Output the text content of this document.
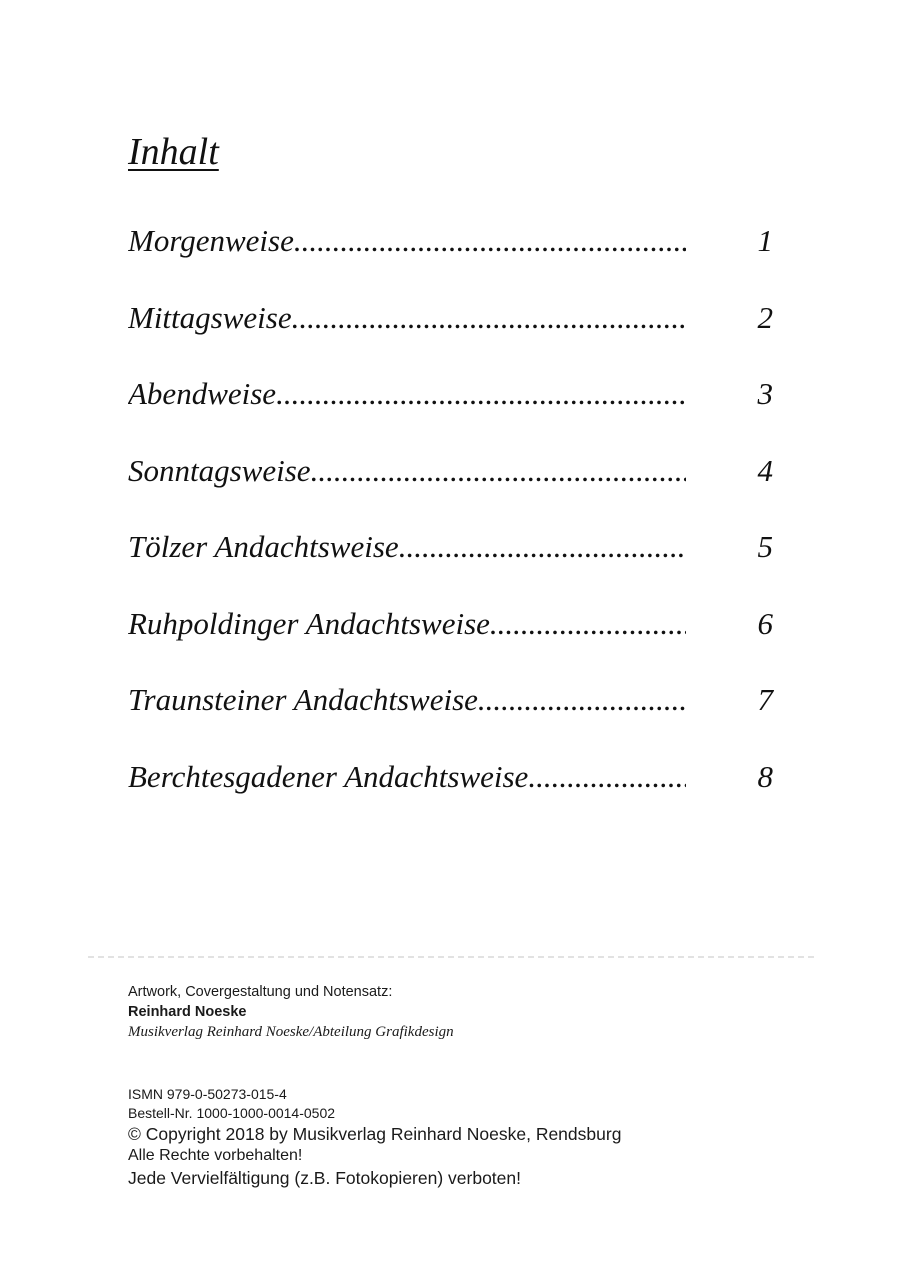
Inhalt
Morgenweise .....	1
Mittagsweise .....	2
Abendweise .....	3
Sonntagsweise .....	4
Tölzer Andachtsweise .....	5
Ruhpoldinger Andachtsweise .....	6
Traunsteiner Andachtsweise .....	7
Berchtesgadener Andachtsweise .....	8
Artwork, Covergestaltung und Notensatz:
Reinhard Noeske
Musikverlag Reinhard Noeske/Abteilung Grafikdesign
ISMN 979-0-50273-015-4
Bestell-Nr. 1000-1000-0014-0502
© Copyright 2018 by Musikverlag Reinhard Noeske, Rendsburg
Alle Rechte vorbehalten!
Jede Vervielfältigung (z.B. Fotokopieren) verboten!
